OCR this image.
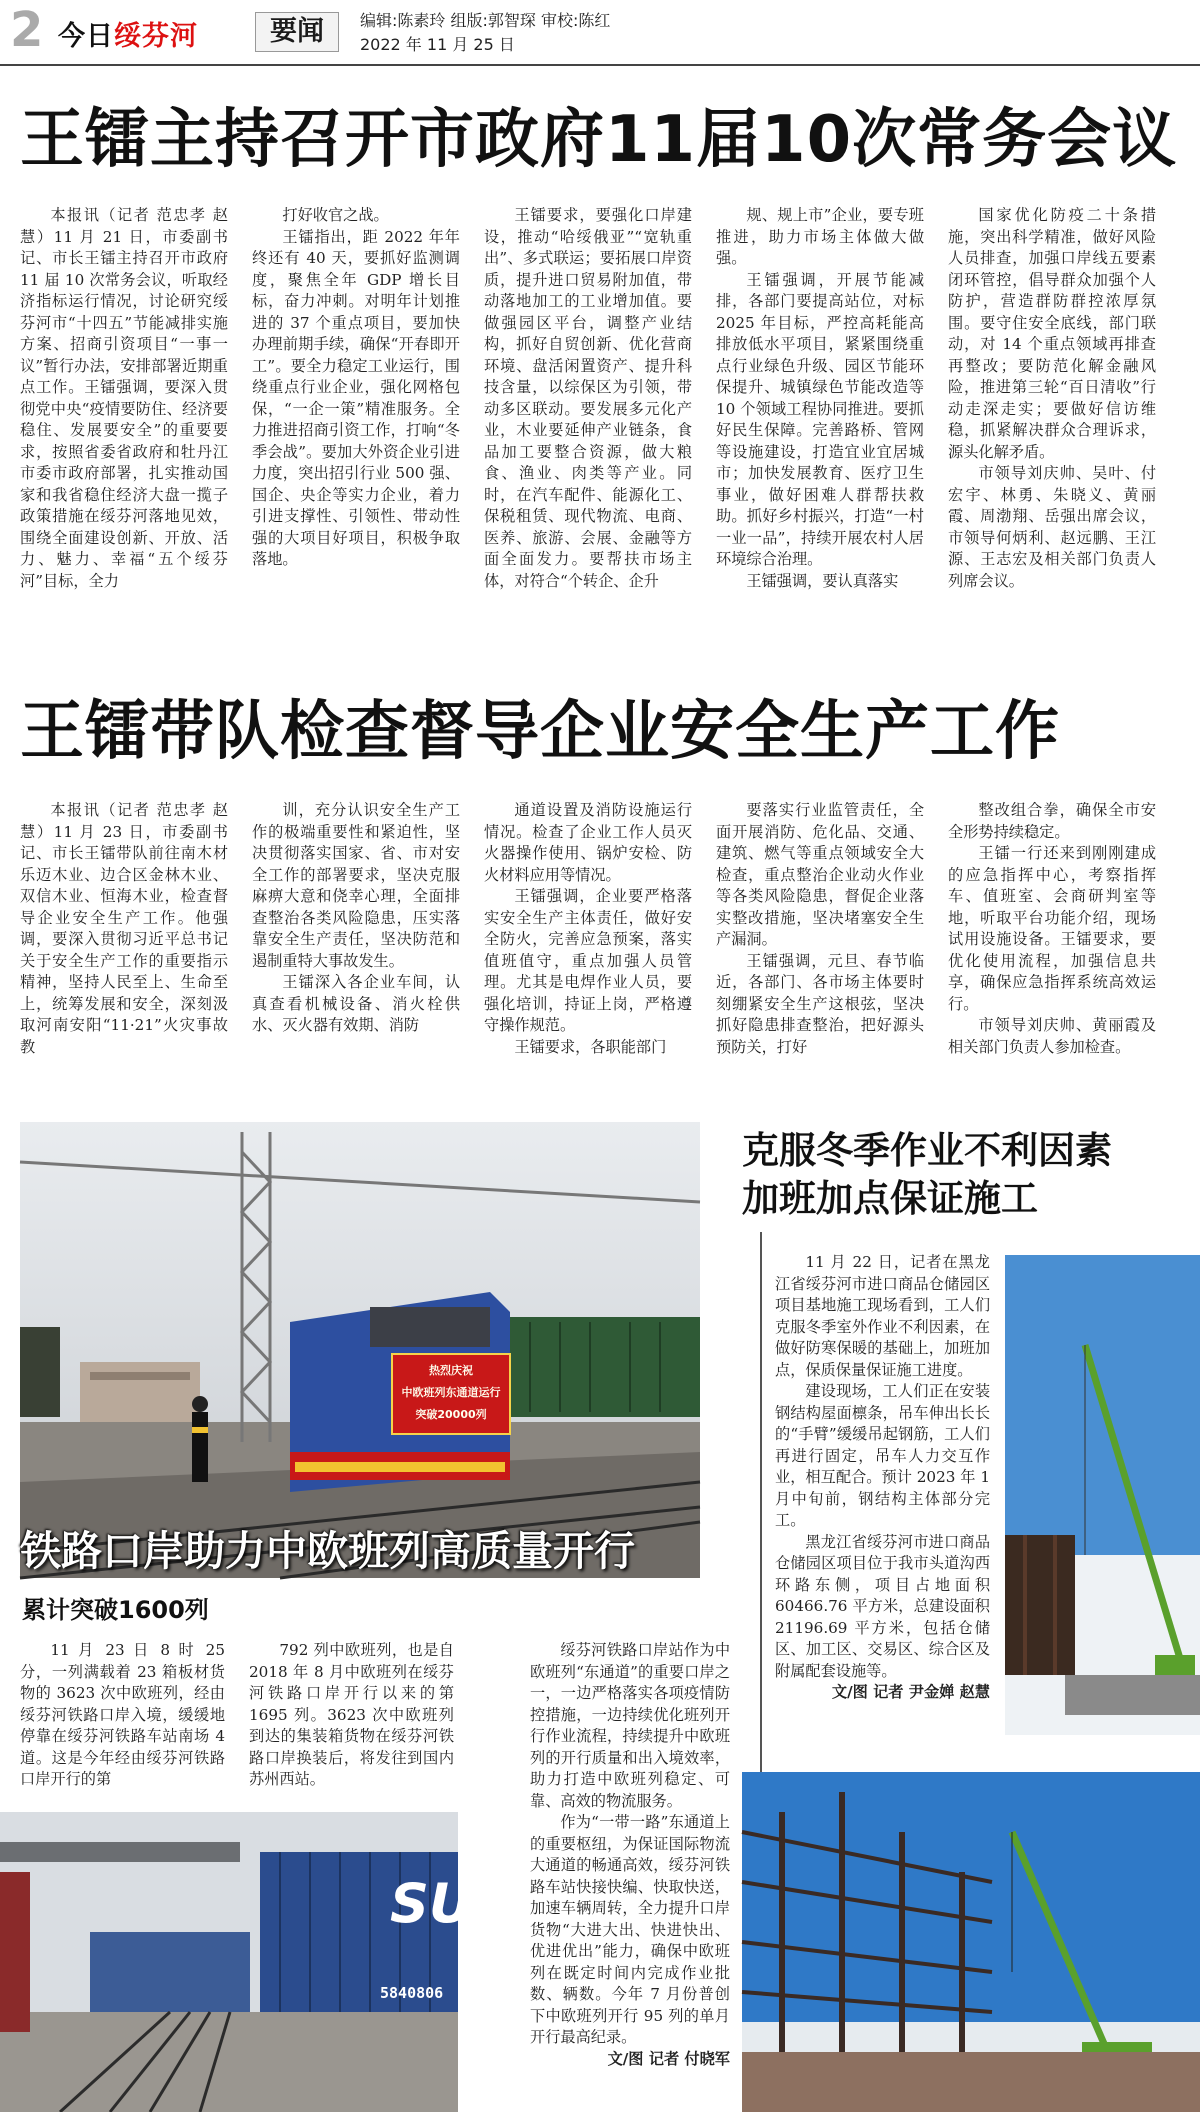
2 今日绥芬河	要闻	编辑:陈素玲 组版:郭智琛 审校:陈红
2022 年 11 月 25 日
王镭主持召开市政府11届10次常务会议

本报讯（记者 范忠孝 赵慧）11 月 21 日，市委副书记、市长王镭主持召开市政府 11 届 10 次常务会议，听取经济指标运行情况，讨论研究绥芬河市“十四五”节能减排实施方案、招商引资项目“一事一议”暂行办法，安排部署近期重点工作。王镭强调，要深入贯彻党中央“疫情要防住、经济要稳住、发展要安全”的重要要求，按照省委省政府和牡丹江市委市政府部署，扎实推动国家和我省稳住经济大盘一揽子政策措施在绥芬河落地见效，围绕全面建设创新、开放、活力、魅力、幸福“五个绥芬河”目标，全力

打好收官之战。

王镭指出，距 2022 年年终还有 40 天，要抓好监测调度，聚焦全年 GDP 增长目标，奋力冲刺。对明年计划推进的 37 个重点项目，要加快办理前期手续，确保“开春即开工”。要全力稳定工业运行，围绕重点行业企业，强化网格包保，“一企一策”精准服务。全力推进招商引资工作，打响“冬季会战”。要加大外资企业引进力度，突出招引行业 500 强、国企、央企等实力企业，着力引进支撑性、引领性、带动性强的大项目好项目，积极争取落地。

王镭要求，要强化口岸建设，推动“哈绥俄亚”“宽轨重出”、多式联运；要拓展口岸资质，提升进口贸易附加值，带动落地加工的工业增加值。要做强园区平台，调整产业结构，抓好自贸创新、优化营商环境、盘活闲置资产、提升科技含量，以综保区为引领，带动多区联动。要发展多元化产业，木业要延伸产业链条，食品加工要整合资源，做大粮食、渔业、肉类等产业。同时，在汽车配件、能源化工、保税租赁、现代物流、电商、医养、旅游、会展、金融等方面全面发力。要帮扶市场主体，对符合“个转企、企升

规、规上市”企业，要专班推进，助力市场主体做大做强。

王镭强调，开展节能减排，各部门要提高站位，对标 2025 年目标，严控高耗能高排放低水平项目，紧紧围绕重点行业绿色升级、园区节能环保提升、城镇绿色节能改造等 10 个领域工程协同推进。要抓好民生保障。完善路桥、管网等设施建设，打造宜业宜居城市；加快发展教育、医疗卫生事业，做好困难人群帮扶救助。抓好乡村振兴，打造“一村一业一品”，持续开展农村人居环境综合治理。

王镭强调，要认真落实

国家优化防疫二十条措施，突出科学精准，做好风险人员排查，加强口岸线五要素闭环管控，倡导群众加强个人防护，营造群防群控浓厚氛围。要守住安全底线，部门联动，对 14 个重点领域再排查再整改；要防范化解金融风险，推进第三轮“百日清收”行动走深走实；要做好信访维稳，抓紧解决群众合理诉求，源头化解矛盾。

市领导刘庆帅、吴叶、付宏宇、林勇、朱晓义、黄丽霞、周渤翔、岳强出席会议，市领导何炳利、赵远鹏、王江源、王志宏及相关部门负责人列席会议。

王镭带队检查督导企业安全生产工作

本报讯（记者 范忠孝 赵慧）11 月 23 日，市委副书记、市长王镭带队前往南木材乐迈木业、边合区金林木业、双信木业、恒海木业，检查督导企业安全生产工作。他强调，要深入贯彻习近平总书记关于安全生产工作的重要指示精神，坚持人民至上、生命至上，统筹发展和安全，深刻汲取河南安阳“11·21”火灾事故教

训，充分认识安全生产工作的极端重要性和紧迫性，坚决贯彻落实国家、省、市对安全工作的部署要求，坚决克服麻痹大意和侥幸心理，全面排查整治各类风险隐患，压实落靠安全生产责任，坚决防范和遏制重特大事故发生。

王镭深入各企业车间，认真查看机械设备、消火栓供水、灭火器有效期、消防

通道设置及消防设施运行情况。检查了企业工作人员灭火器操作使用、锅炉安检、防火材料应用等情况。

王镭强调，企业要严格落实安全生产主体责任，做好安全防火，完善应急预案，落实值班值守，重点加强人员管理。尤其是电焊作业人员，要强化培训，持证上岗，严格遵守操作规范。

王镭要求，各职能部门

要落实行业监管责任，全面开展消防、危化品、交通、建筑、燃气等重点领域安全大检查，重点整治企业动火作业等各类风险隐患，督促企业落实整改措施，坚决堵塞安全生产漏洞。

王镭强调，元旦、春节临近，各部门、各市场主体要时刻绷紧安全生产这根弦，坚决抓好隐患排查整治，把好源头预防关，打好

整改组合拳，确保全市安全形势持续稳定。

王镭一行还来到刚刚建成的应急指挥中心，考察指挥车、值班室、会商研判室等地，听取平台功能介绍，现场试用设施设备。王镭要求，要优化使用流程，加强信息共享，确保应急指挥系统高效运行。

市领导刘庆帅、黄丽霞及相关部门负责人参加检查。

热烈庆祝
中欧班列东通道运行
突破20000列
铁路口岸助力中欧班列高质量开行
累计突破1600列

11 月 23 日 8 时 25 分，一列满载着 23 箱板材货物的 3623 次中欧班列，经由绥芬河铁路口岸入境，缓缓地停靠在绥芬河铁路车站南场 4 道。这是今年经由绥芬河铁路口岸开行的第

792 列中欧班列，也是自 2018 年 8 月中欧班列在绥芬河铁路口岸开行以来的第 1695 列。3623 次中欧班列到达的集装箱货物在绥芬河铁路口岸换装后，将发往到国内苏州西站。

SU
5840806

绥芬河铁路口岸站作为中欧班列“东通道”的重要口岸之一，一边严格落实各项疫情防控措施，一边持续优化班列开行作业流程，持续提升中欧班列的开行质量和出入境效率，助力打造中欧班列稳定、可靠、高效的物流服务。

作为“一带一路”东通道上的重要枢纽，为保证国际物流大通道的畅通高效，绥芬河铁路车站快接快编、快取快送，加速车辆周转，全力提升口岸货物“大进大出、快进快出、优进优出”能力，确保中欧班列在既定时间内完成作业批数、辆数。今年 7 月份普创下中欧班列开行 95 列的单月开行最高纪录。

文/图 记者 付晓军

克服冬季作业不利因素
加班加点保证施工

11 月 22 日，记者在黑龙江省绥芬河市进口商品仓储园区项目基地施工现场看到，工人们克服冬季室外作业不利因素，在做好防寒保暖的基础上，加班加点，保质保量保证施工进度。

建设现场，工人们正在安装钢结构屋面檩条，吊车伸出长长的“手臂”缓缓吊起钢筋，工人们再进行固定，吊车人力交互作业，相互配合。预计 2023 年 1 月中旬前，钢结构主体部分完工。

黑龙江省绥芬河市进口商品仓储园区项目位于我市头道沟西环路东侧，项目占地面积 60466.76 平方米，总建设面积 21196.69 平方米，包括仓储区、加工区、交易区、综合区及附属配套设施等。

文/图 记者 尹金婵 赵慧
